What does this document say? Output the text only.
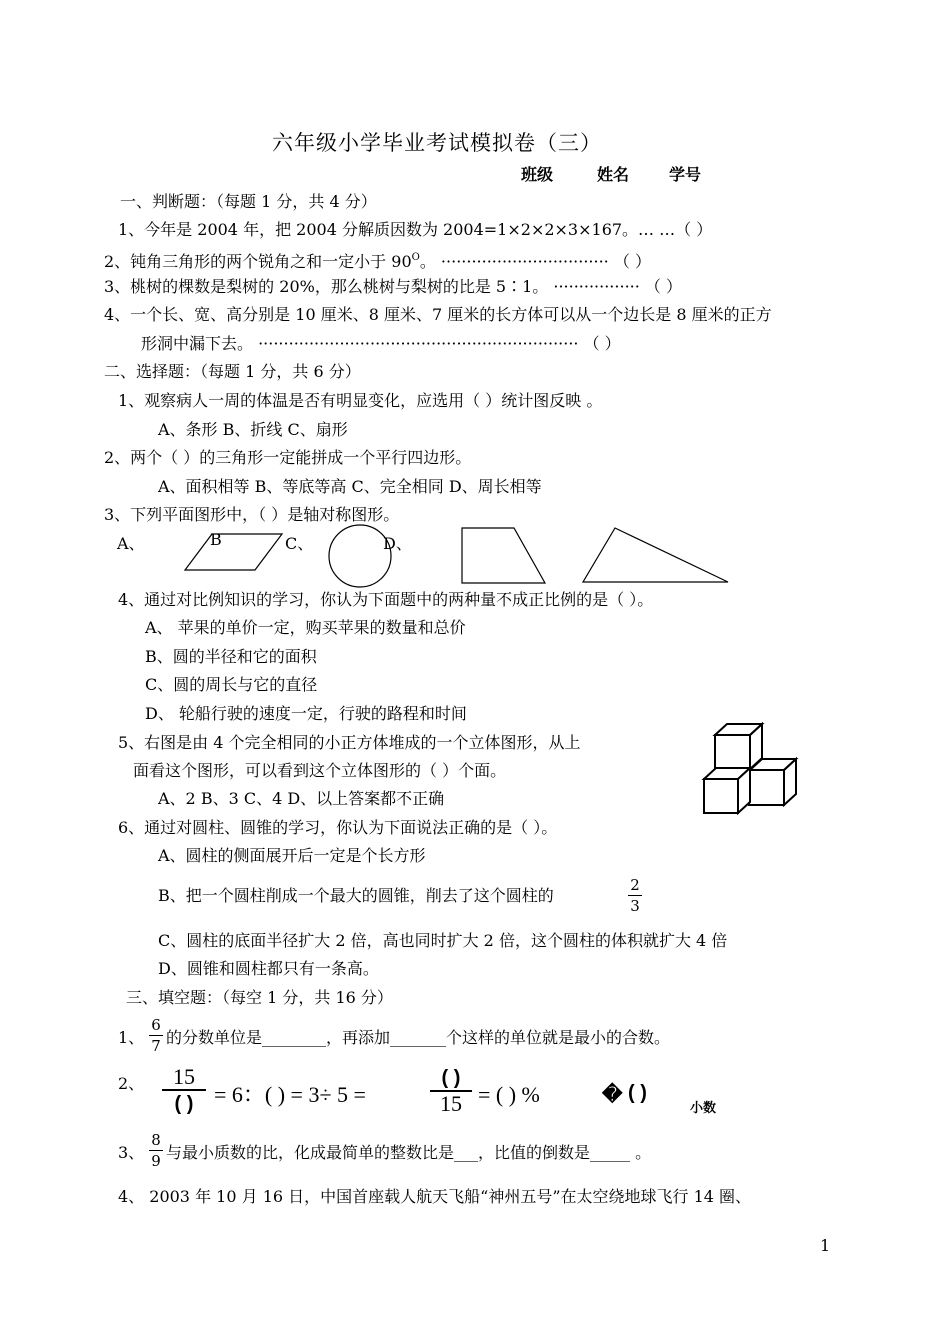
六年级小学毕业考试模拟卷（三）
班级	姓名 学号
一、判断题：（每题 1 分，共 4 分）
1、今年是 2004 年，把 2004 分解质因数为 2004=1×2×2×3×167。… …（ ）
2、钝角三角形的两个锐角之和一定小于 $90^O$。 ································· （ ）
3、桃树的棵数是梨树的 20%，那么桃树与梨树的比是 5∶1。 ················· （ ）
4、一个长、宽、高分别是 10 厘米、8 厘米、7 厘米的长方体可以从一个边长是 8 厘米的正方
形洞中漏下去。 ······························································· （ ）
二、选择题：（每题 1 分，共 6 分）
1、观察病人一周的体温是否有明显变化，应选用（ ）统计图反映 。
A、条形 B、折线 C、扇形
2、两个（ ）的三角形一定能拼成一个平行四边形。
A、面积相等 B、等底等高 C、完全相同 D、周长相等
3、下列平面图形中，（ ）是轴对称图形。
A、	B	C、	D、
4、通过对比例知识的学习，你认为下面题中的两种量不成正比例的是（ ）。
A、 苹果的单价一定，购买苹果的数量和总价
B、圆的半径和它的面积
C、圆的周长与它的直径
D、 轮船行驶的速度一定，行驶的路程和时间
5、右图是由 4 个完全相同的小正方体堆成的一个立体图形，从上
面看这个图形，可以看到这个立体图形的（ ）个面。
A、2 B、3 C、4 D、以上答案都不正确
6、通过对圆柱、圆锥的学习，你认为下面说法正确的是（ ）。
A、圆柱的侧面展开后一定是个长方形
B、把一个圆柱削成一个最大的圆锥，削去了这个圆柱的
2
3
C、圆柱的底面半径扩大 2 倍，高也同时扩大 2 倍，这个圆柱的体积就扩大 4 倍
D、圆锥和圆柱都只有一条高。
三、填空题：（每空 1 分，共 16 分）
1、
6
7 的分数单位是________，再添加_______个这样的单位就是最小的合数。
2、	15
( ) = 6：( ) = 3÷ 5 =
( )
15 = ( ) %	� ( )
小数
3、
8
9 与最小质数的比，化成最简单的整数比是___，比值的倒数是_____ 。
4、 2003 年 10 月 16 日，中国首座载人航天飞船“神州五号”在太空绕地球飞行 14 圈、
1
